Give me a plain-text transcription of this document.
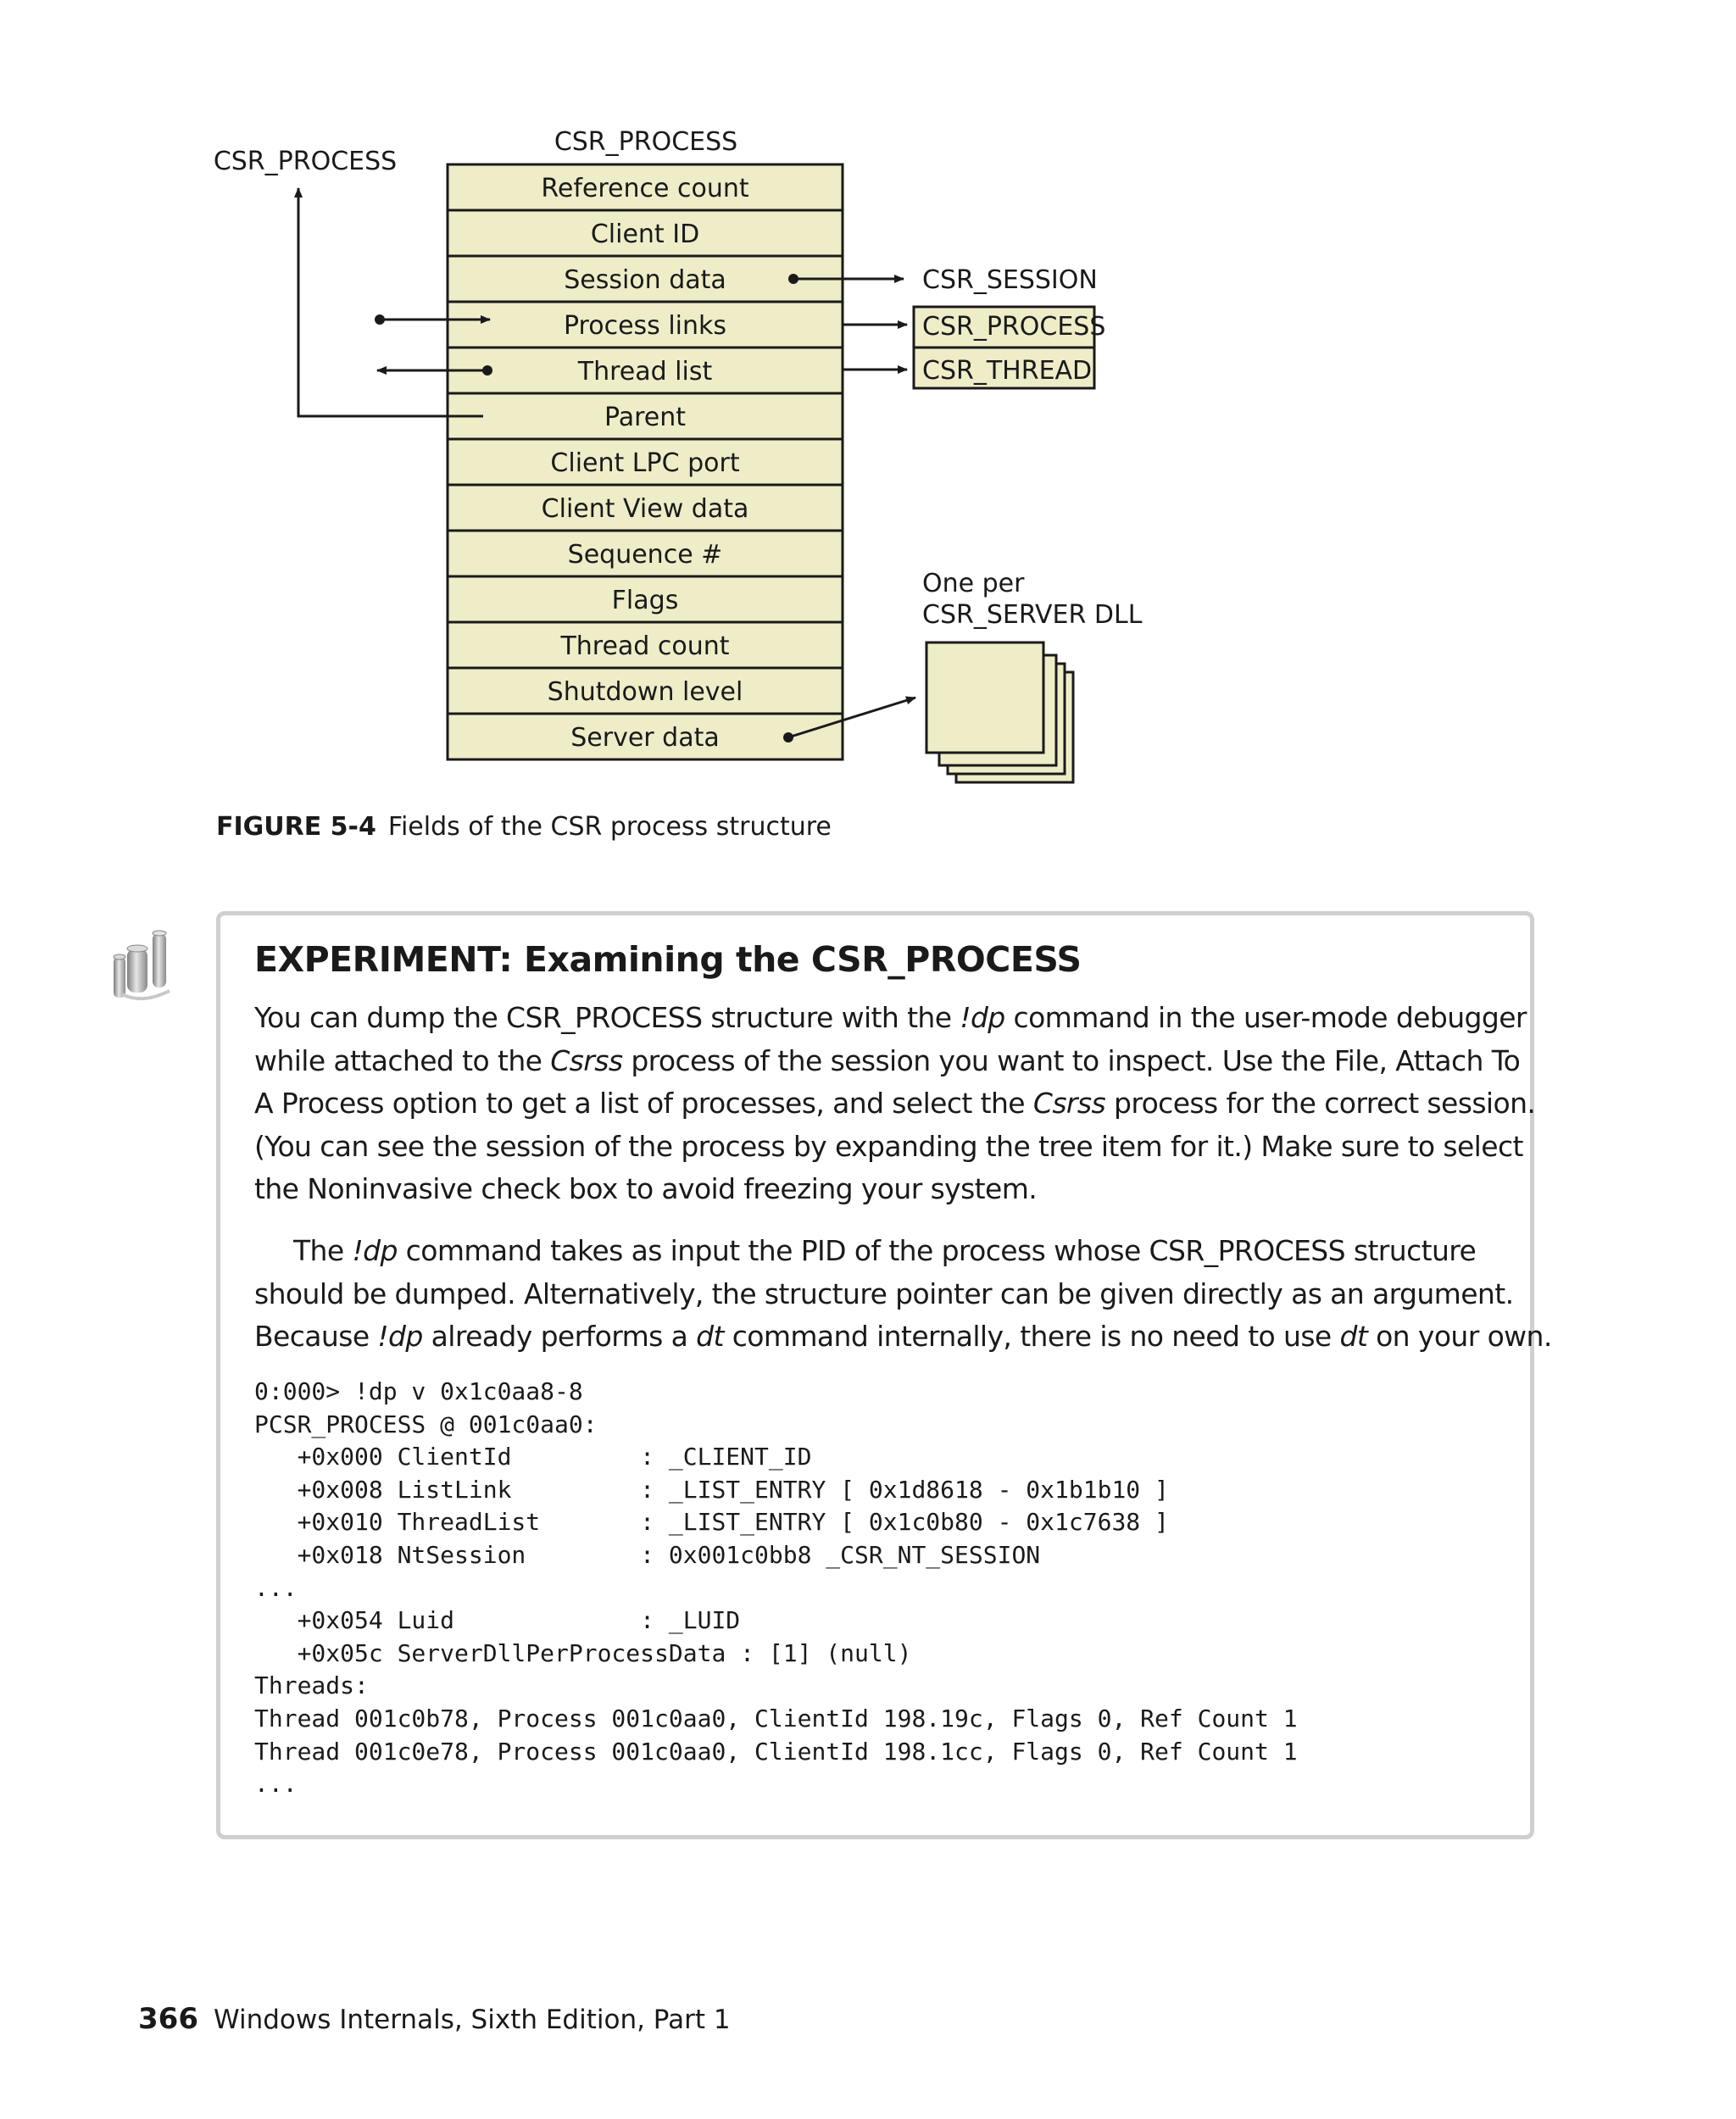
CSR_PROCESS
CSR_PROCESS
Reference count
Client ID
Session data
Process links
Thread list
Parent
Client LPC port
Client View data
Sequence #
Flags
Thread count
Shutdown level
Server data
CSR_SESSION
CSR_PROCESS
CSR_THREAD
One per
CSR_SERVER DLL
FIGURE 5-4 Fields of the CSR process structure
EXPERIMENT: Examining the CSR_PROCESS
You can dump the CSR_PROCESS structure with the !dp command in the user-mode debugger
while attached to the Csrss process of the session you want to inspect. Use the File, Attach To
A Process option to get a list of processes, and select the Csrss process for the correct session.
(You can see the session of the process by expanding the tree item for it.) Make sure to select
the Noninvasive check box to avoid freezing your system.
The !dp command takes as input the PID of the process whose CSR_PROCESS structure
should be dumped. Alternatively, the structure pointer can be given directly as an argument.
Because !dp already performs a dt command internally, there is no need to use dt on your own.
0:000> !dp v 0x1c0aa8-8
PCSR_PROCESS @ 001c0aa0:
+0x000 ClientId         : _CLIENT_ID
+0x008 ListLink         : _LIST_ENTRY [ 0x1d8618 - 0x1b1b10 ]
+0x010 ThreadList       : _LIST_ENTRY [ 0x1c0b80 - 0x1c7638 ]
+0x018 NtSession        : 0x001c0bb8 _CSR_NT_SESSION
...
+0x054 Luid             : _LUID
+0x05c ServerDllPerProcessData : [1] (null)
Threads:
Thread 001c0b78, Process 001c0aa0, ClientId 198.19c, Flags 0, Ref Count 1
Thread 001c0e78, Process 001c0aa0, ClientId 198.1cc, Flags 0, Ref Count 1
...
366 Windows Internals, Sixth Edition, Part 1
